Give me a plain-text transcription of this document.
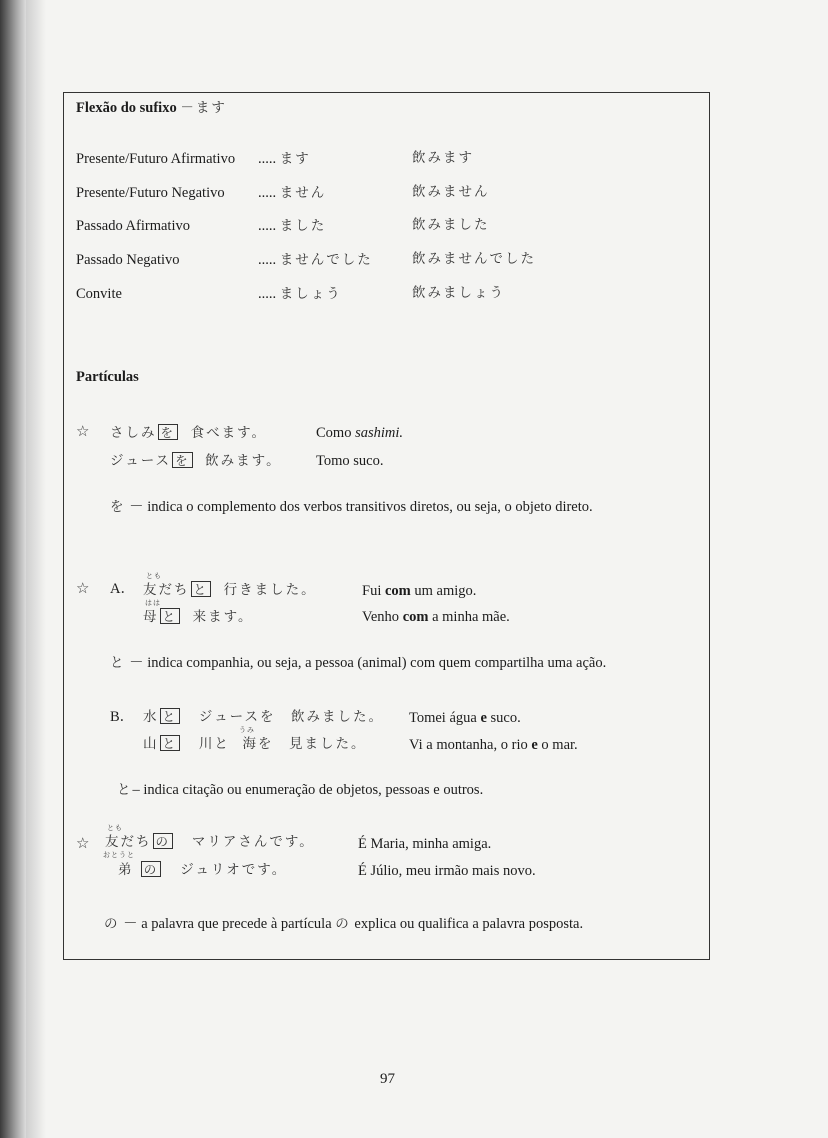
Flexão do sufixo －ます
Presente/Futuro Afirmativo ..... ます	飲みます
Presente/Futuro Negativo ..... ません	飲みません
Passado Afirmativo	..... ました	飲みました
Passado Negativo	..... ませんでした	飲みませんでした
Convite	..... ましょう	飲みましょう
Partículas
☆ さしみ を 食べます。	Como sashimi.
ジュース を 飲みます。 Tomo suco.
を － indica o complemento dos verbos transitivos diretos, ou seja, o objeto direto.
☆ A．
とも
友だち と 行きました。	Fui com um amigo.
はは
母 と 来ます。	Venho com a minha mãe.
と － indica companhia, ou seja, a pessoa (animal) com quem compartilha uma ação.
B． 水 と ジュースを　飲みました。 Tomei água e suco.
うみ
山 と 川と 海を　見ました。	Vi a montanha, o rio e o mar.
と– indica citação ou enumeração de objetos, pessoas e outros.
☆
とも
友だち の マリアさんです。	É Maria, minha amiga.
おとうと
弟 の ジュリオです。	É Júlio, meu irmão mais novo.
の － a palavra que precede à partícula の explica ou qualifica a palavra posposta.
97
